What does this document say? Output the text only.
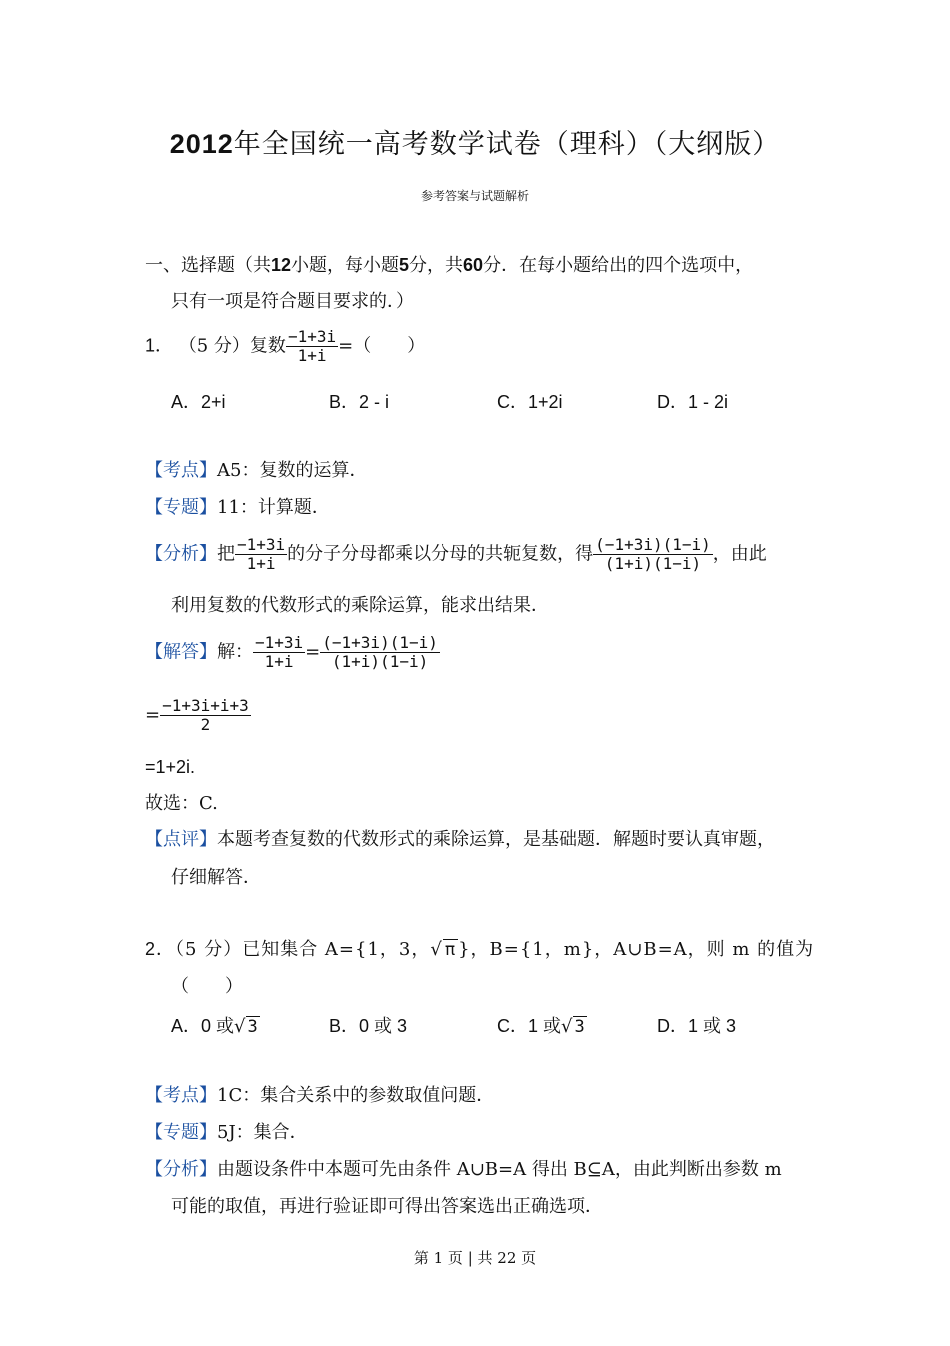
2012年全国统一高考数学试卷（理科）（大纲版）
参考答案与试题解析
一、选择题（共12小题，每小题5分，共60分．在每小题给出的四个选项中，
只有一项是符合题目要求的．）
1． （5 分）复数 $\frac{-1+3i}{1+i}$ =（　　）
A．2+i	B．2 - i	C．1+2i	D．1 - 2i
【考点】A5：复数的运算．
【专题】11：计算题．
【分析】把 $\frac{-1+3i}{1+i}$ 的分子分母都乘以分母的共轭复数，得 $\frac{(-1+3i)(1-i)}{(1+i)(1-i)}$ ，由此
利用复数的代数形式的乘除运算，能求出结果．
【解答】解： $\frac{-1+3i}{1+i} = \frac{(-1+3i)(1-i)}{(1+i)(1-i)}$
= $\frac{-1+3i+i+3}{2}$
=1+2i.
故选：C.
【点评】本题考查复数的代数形式的乘除运算，是基础题．解题时要认真审题，
仔细解答．
2．（5 分）已知集合 A={1，3，√ π }，B={1，m}，A∪B=A，则 m 的值为
（　　）
A．0 或√ 3	B．0 或 3	C．1 或√ 3	D．1 或 3
【考点】1C：集合关系中的参数取值问题．
【专题】5J：集合．
【分析】由题设条件中本题可先由条件 A∪B=A 得出 B⊆A，由此判断出参数 m
可能的取值，再进行验证即可得出答案选出正确选项．
第 1 页 | 共 22 页
